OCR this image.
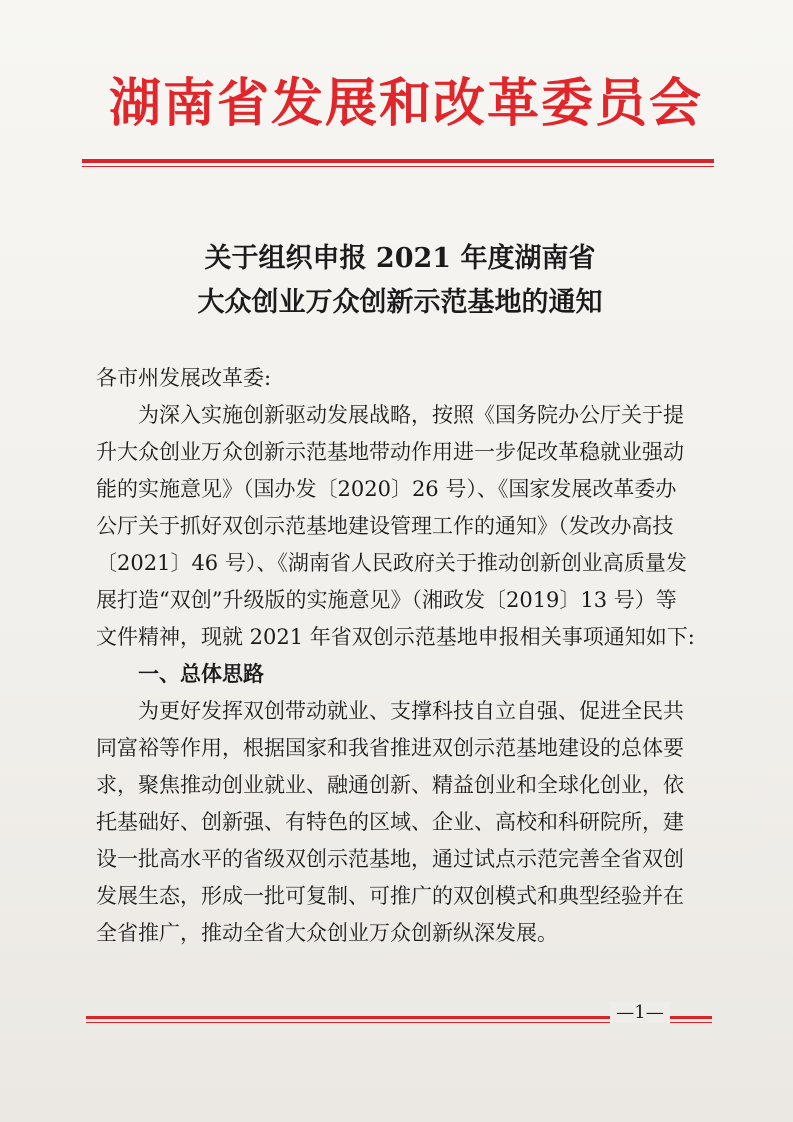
湖南省发展和改革委员会
关于组织申报 2021 年度湖南省
大众创业万众创新示范基地的通知

各市州发展改革委:

为深入实施创新驱动发展战略，按照《国务院办公厅关于提升大众创业万众创新示范基地带动作用进一步促改革稳就业强动能的实施意见》（国办发〔2020〕26 号）、《国家发展改革委办公厅关于抓好双创示范基地建设管理工作的通知》（发改办高技〔2021〕46 号）、《湖南省人民政府关于推动创新创业高质量发展打造“双创”升级版的实施意见》（湘政发〔2019〕13 号）等文件精神，现就 2021 年省双创示范基地申报相关事项通知如下:

一、总体思路

为更好发挥双创带动就业、支撑科技自立自强、促进全民共同富裕等作用，根据国家和我省推进双创示范基地建设的总体要求，聚焦推动创业就业、融通创新、精益创业和全球化创业，依托基础好、创新强、有特色的区域、企业、高校和科研院所，建设一批高水平的省级双创示范基地，通过试点示范完善全省双创发展生态，形成一批可复制、可推广的双创模式和典型经验并在全省推广，推动全省大众创业万众创新纵深发展。

—1—
